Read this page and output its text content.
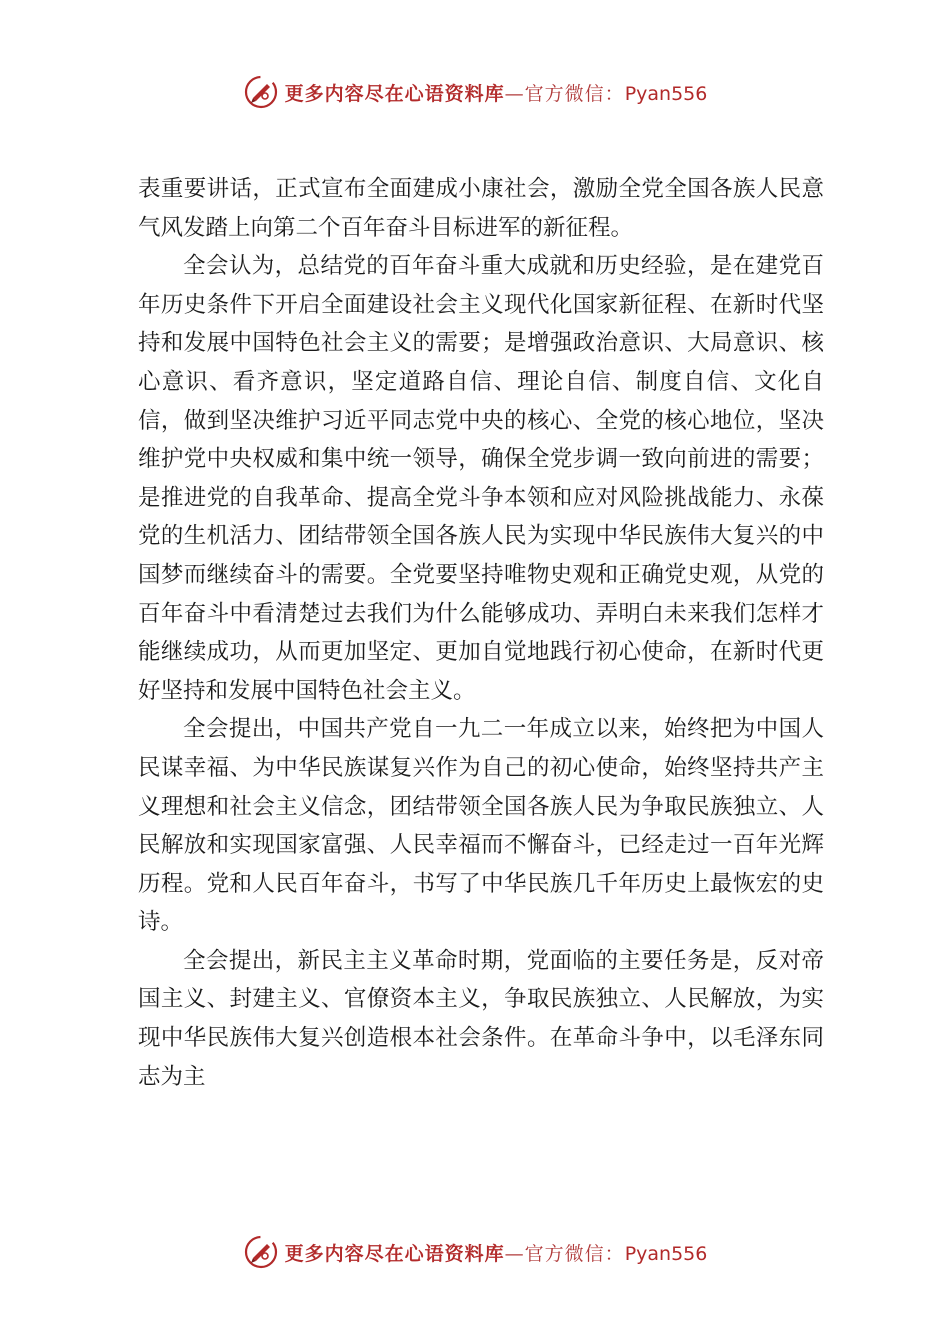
更多内容尽在心语资料库—官方微信：Pyan556

表重要讲话，正式宣布全面建成小康社会，激励全党全国各族人民意气风发踏上向第二个百年奋斗目标进军的新征程。

全会认为，总结党的百年奋斗重大成就和历史经验，是在建党百年历史条件下开启全面建设社会主义现代化国家新征程、在新时代坚持和发展中国特色社会主义的需要；是增强政治意识、大局意识、核心意识、看齐意识，坚定道路自信、理论自信、制度自信、文化自信，做到坚决维护习近平同志党中央的核心、全党的核心地位，坚决维护党中央权威和集中统一领导，确保全党步调一致向前进的需要；是推进党的自我革命、提高全党斗争本领和应对风险挑战能力、永葆党的生机活力、团结带领全国各族人民为实现中华民族伟大复兴的中国梦而继续奋斗的需要。全党要坚持唯物史观和正确党史观，从党的百年奋斗中看清楚过去我们为什么能够成功、弄明白未来我们怎样才能继续成功，从而更加坚定、更加自觉地践行初心使命，在新时代更好坚持和发展中国特色社会主义。

全会提出，中国共产党自一九二一年成立以来，始终把为中国人民谋幸福、为中华民族谋复兴作为自己的初心使命，始终坚持共产主义理想和社会主义信念，团结带领全国各族人民为争取民族独立、人民解放和实现国家富强、人民幸福而不懈奋斗，已经走过一百年光辉历程。党和人民百年奋斗，书写了中华民族几千年历史上最恢宏的史诗。

全会提出，新民主主义革命时期，党面临的主要任务是，反对帝国主义、封建主义、官僚资本主义，争取民族独立、人民解放，为实现中华民族伟大复兴创造根本社会条件。在革命斗争中，以毛泽东同志为主

更多内容尽在心语资料库—官方微信：Pyan556
